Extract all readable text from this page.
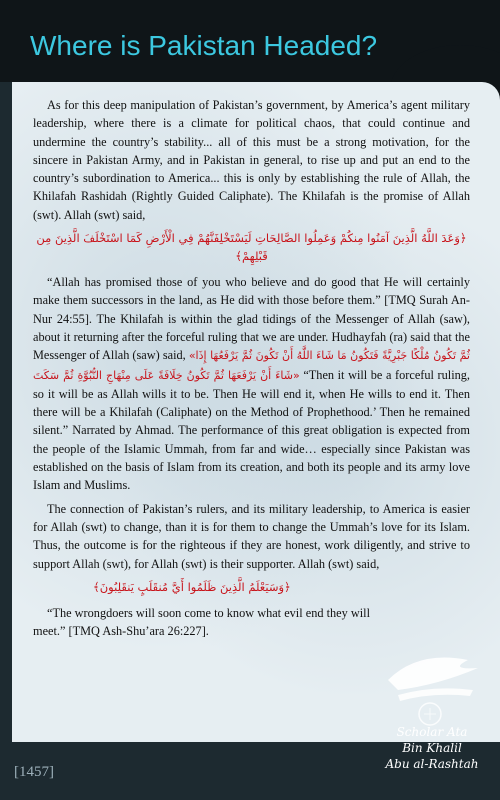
Where is Pakistan Headed?

As for this deep manipulation of Pakistan’s government, by America’s agent military leadership, where there is a climate for political chaos, that could continue and undermine the country’s stability... all of this must be a strong motivation, for the sincere in Pakistan Army, and in Pakistan in general, to rise up and put an end to the country’s subordination to America... this is only by establishing the rule of Allah, the Khilafah Rashidah (Rightly Guided Caliphate). The Khilafah is the promise of Allah (swt). Allah (swt) said,

﴿وَعَدَ اللَّهُ الَّذِينَ آمَنُوا مِنكُمْ وَعَمِلُوا الصَّالِحَاتِ لَيَسْتَخْلِفَنَّهُمْ فِي الْأَرْضِ كَمَا اسْتَخْلَفَ الَّذِينَ مِن قَبْلِهِمْ﴾

“Allah has promised those of you who believe and do good that He will certainly make them successors in the land, as He did with those before them.” [TMQ Surah An-Nur 24:55]. The Khilafah is within the glad tidings of the Messenger of Allah (saw), about it returning after the forceful ruling that we are under. Hudhayfah (ra) said that the Messenger of Allah (saw) said, «ثُمَّ تَكُونُ مُلْكًا جَبْرِيَّةً فَتَكُونُ مَا شَاءَ اللَّهُ أَنْ تَكُونَ ثُمَّ يَرْفَعُهَا إِذَا شَاءَ أَنْ يَرْفَعَهَا ثُمَّ تَكُونُ خِلَافَةً عَلَى مِنْهَاجِ النُّبُوَّةِ ثُمَّ سَكَتَ» “Then it will be a forceful ruling, so it will be as Allah wills it to be. Then He will end it, when He wills to end it. Then there will be a Khilafah (Caliphate) on the Method of Prophethood.’ Then he remained silent.” Narrated by Ahmad. The performance of this great obligation is expected from the people of the Islamic Ummah, from far and wide… especially since Pakistan was established on the basis of Islam from its creation, and both its people and its army love Islam and Muslims.

The connection of Pakistan’s rulers, and its military leadership, to America is easier for Allah (swt) to change, than it is for them to change the Ummah’s love for its Islam. Thus, the outcome is for the righteous if they are honest, work diligently, and strive to support Allah (swt), for Allah (swt) is their supporter. Allah (swt) said,

﴿وَسَيَعْلَمُ الَّذِينَ ظَلَمُوا أَيَّ مُنقَلَبٍ يَنقَلِبُونَ﴾

“The wrongdoers will soon come to know what evil end they will meet.” [TMQ Ash-Shu’ara 26:227].

Scholar Ata
Bin Khalil
Abu al-Rashtah
[1457]
